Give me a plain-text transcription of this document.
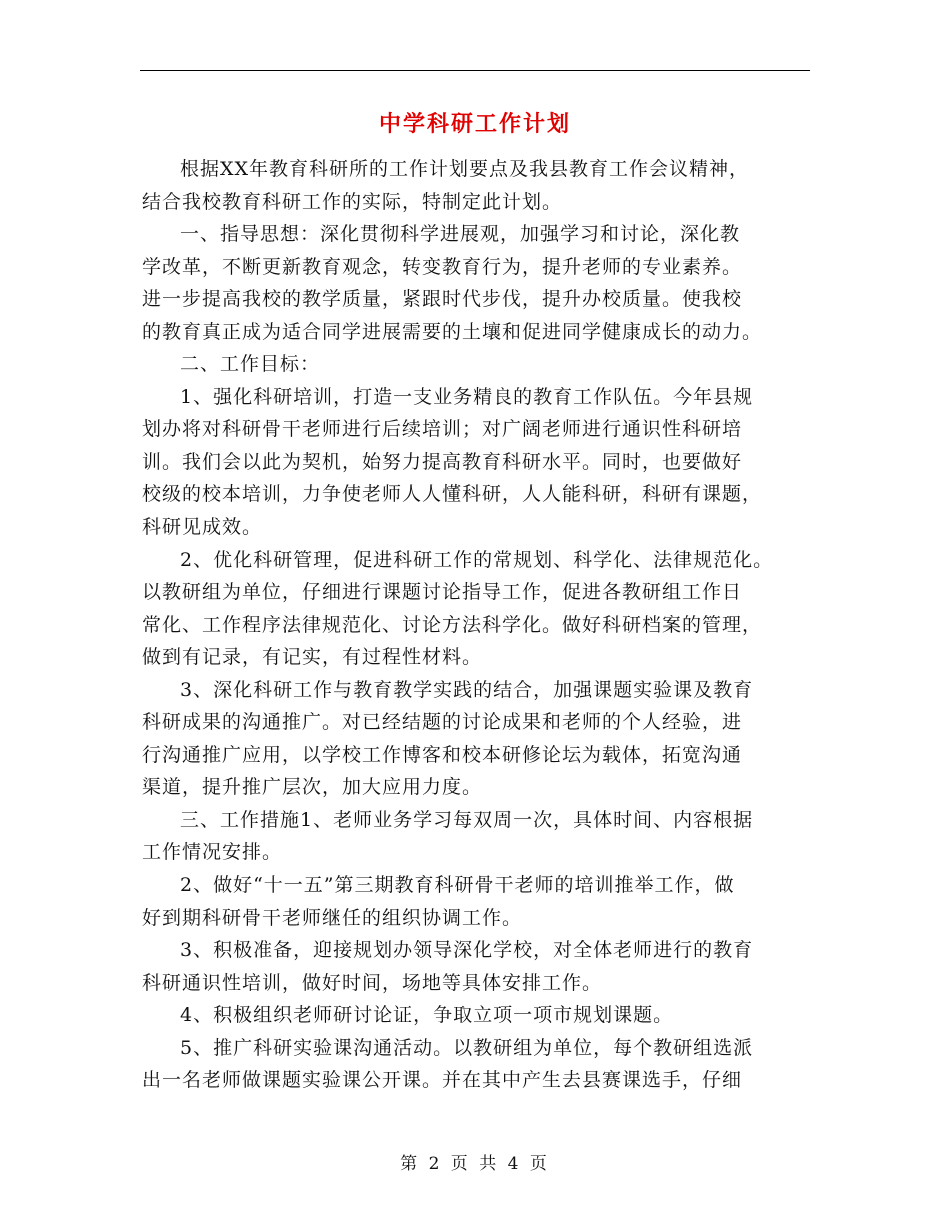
中学科研工作计划
根据XX年教育科研所的工作计划要点及我县教育工作会议精神，
结合我校教育科研工作的实际，特制定此计划。
一、指导思想：深化贯彻科学进展观，加强学习和讨论，深化教
学改革，不断更新教育观念，转变教育行为，提升老师的专业素养。
进一步提高我校的教学质量，紧跟时代步伐，提升办校质量。使我校
的教育真正成为适合同学进展需要的土壤和促进同学健康成长的动力。
二、工作目标：
1、强化科研培训，打造一支业务精良的教育工作队伍。今年县规
划办将对科研骨干老师进行后续培训；对广阔老师进行通识性科研培
训。我们会以此为契机，始努力提高教育科研水平。同时，也要做好
校级的校本培训，力争使老师人人懂科研，人人能科研，科研有课题，
科研见成效。
2、优化科研管理，促进科研工作的常规划、科学化、法律规范化。
以教研组为单位，仔细进行课题讨论指导工作，促进各教研组工作日
常化、工作程序法律规范化、讨论方法科学化。做好科研档案的管理，
做到有记录，有记实，有过程性材料。
3、深化科研工作与教育教学实践的结合，加强课题实验课及教育
科研成果的沟通推广。对已经结题的讨论成果和老师的个人经验，进
行沟通推广应用，以学校工作博客和校本研修论坛为载体，拓宽沟通
渠道，提升推广层次，加大应用力度。
三、工作措施1、老师业务学习每双周一次，具体时间、内容根据
工作情况安排。
2、做好“十一五”第三期教育科研骨干老师的培训推举工作，做
好到期科研骨干老师继任的组织协调工作。
3、积极准备，迎接规划办领导深化学校，对全体老师进行的教育
科研通识性培训，做好时间，场地等具体安排工作。
4、积极组织老师研讨论证，争取立项一项市规划课题。
5、推广科研实验课沟通活动。以教研组为单位，每个教研组选派
出一名老师做课题实验课公开课。并在其中产生去县赛课选手，仔细
第 2 页 共 4 页
